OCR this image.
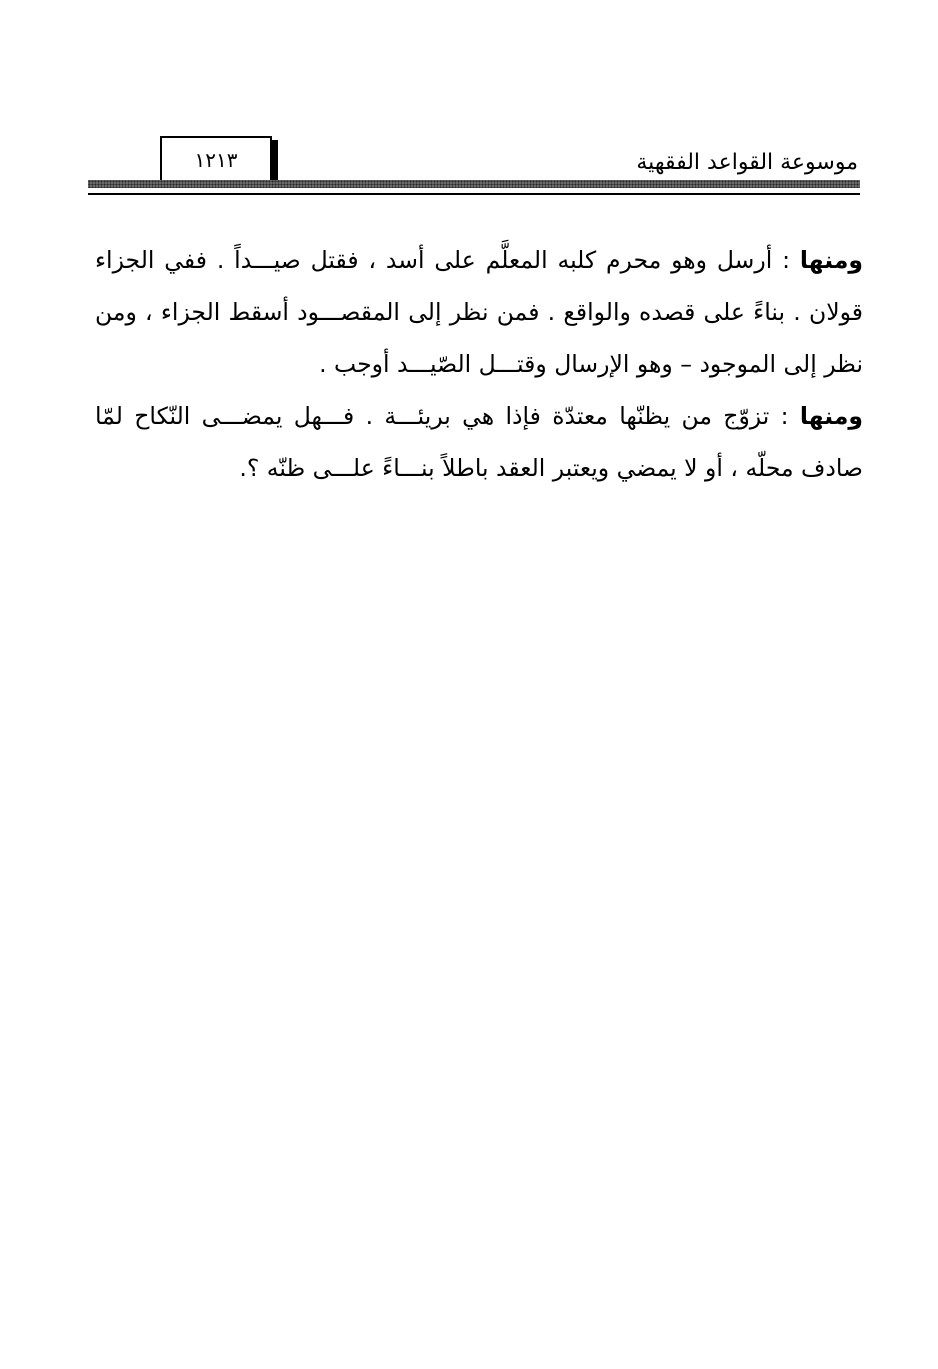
١٢١٣	موسوعة القواعد الفقهية

ومنها : أرسل وهو محرم كلبه المعلَّم على أسد ، فقتل صيـــداً . ففي الجزاء قولان . بناءً على قصده والواقع . فمن نظر إلى المقصـــود أسقط الجزاء ، ومن نظر إلى الموجود – وهو الإرسال وقتـــل الصّيـــد أوجب .

ومنها : تزوّج من يظنّها معتدّة فإذا هي بريئـــة . فـــهل يمضـــى النّكاح لمّا صادف محلّه ، أو لا يمضي ويعتبر العقد باطلاً بنـــاءً علـــى ظنّه ؟.
